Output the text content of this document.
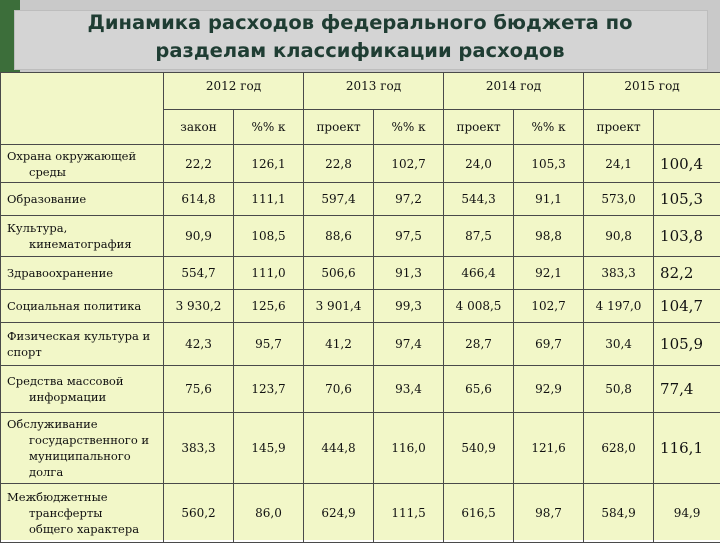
Динамика расходов федерального бюджета по
разделам классификации расходов
	2012 год		2013 год		2014 год		2015 год	
	закон	%% к	проект	%% к	проект	%% к	проект	
Охрана окружающей

среды	22,2	126,1	22,8	102,7	24,0	105,3	24,1	100,4
Образование	614,8	111,1	597,4	97,2	544,3	91,1	573,0	105,3
Культура,

кинематография	90,9	108,5	88,6	97,5	87,5	98,8	90,8	103,8
Здравоохранение	554,7	111,0	506,6	91,3	466,4	92,1	383,3	82,2
Социальная политика	3 930,2	125,6	3 901,4	99,3	4 008,5	102,7	4 197,0	104,7
Физическая культура и
спорт	42,3	95,7	41,2	97,4	28,7	69,7	30,4	105,9
Средства массовой

информации	75,6	123,7	70,6	93,4	65,6	92,9	50,8	77,4
Обслуживание

государственного и
муниципального
долга	383,3	145,9	444,8	116,0	540,9	121,6	628,0	116,1
Межбюджетные

трансферты
общего характера	560,2	86,0	624,9	111,5	616,5	98,7	584,9	94,9
